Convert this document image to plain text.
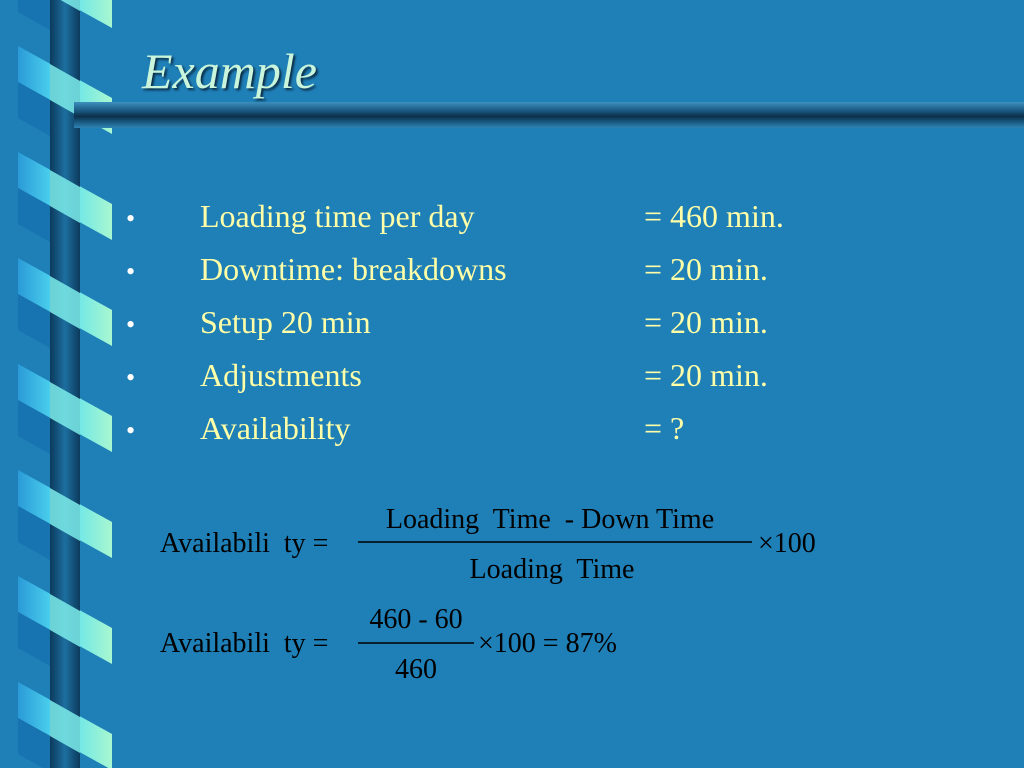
Example
•	Loading time per day	= 460 min.
•	Downtime: breakdowns	= 20 min.
•	Setup 20 min	= 20 min.
•	Adjustments	= 20 min.
•	Availability	= ?
Availabili  ty =
Loading  Time  - Down Time
Loading  Time
×100
Availabili  ty =
460 - 60
460
×100 = 87%
